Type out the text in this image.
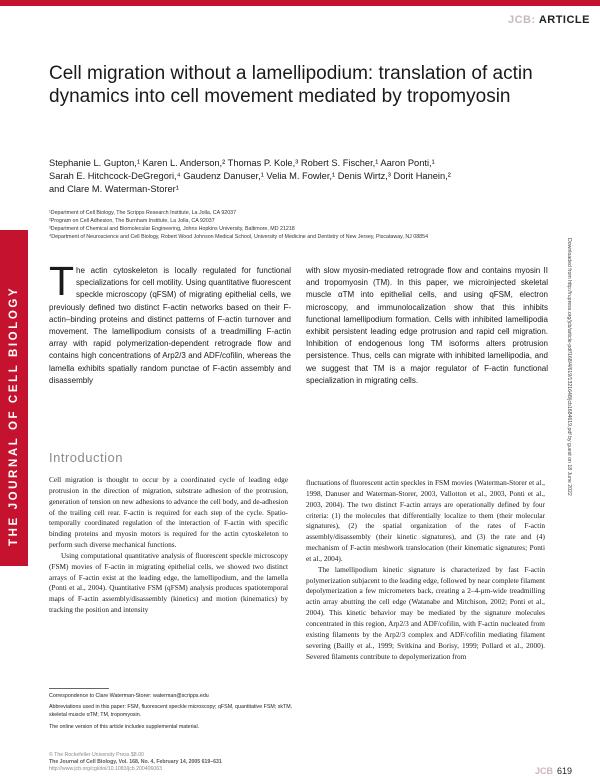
JCB: ARTICLE
THE JOURNAL OF CELL BIOLOGY	Downloaded from http://rupress.org/jcb/article-pdf/168/4/619/1321648/jcb1684619.pdf by guest on 18 June 2022
Cell migration without a lamellipodium: translation of actin dynamics into cell movement mediated by tropomyosin
Stephanie L. Gupton,¹ Karen L. Anderson,² Thomas P. Kole,³ Robert S. Fischer,¹ Aaron Ponti,¹
Sarah E. Hitchcock-DeGregori,⁴ Gaudenz Danuser,¹ Velia M. Fowler,¹ Denis Wirtz,³ Dorit Hanein,²
and Clare M. Waterman-Storer¹
¹Department of Cell Biology, The Scripps Research Institute, La Jolla, CA 92037
²Program on Cell Adhesion, The Burnham Institute, La Jolla, CA 92037
³Department of Chemical and Biomolecular Engineering, Johns Hopkins University, Baltimore, MD 21218
⁴Department of Neuroscience and Cell Biology, Robert Wood Johnson Medical School, University of Medicine and Dentistry of New Jersey, Piscataway, NJ 08854
The actin cytoskeleton is locally regulated for functional specializations for cell motility. Using quantitative fluorescent speckle microscopy (qFSM) of migrating epithelial cells, we previously defined two distinct F-actin networks based on their F-actin–binding proteins and distinct patterns of F-actin turnover and movement. The lamellipodium consists of a treadmilling F-actin array with rapid polymerization-dependent retrograde flow and contains high concentrations of Arp2/3 and ADF/cofilin, whereas the lamella exhibits spatially random punctae of F-actin assembly and disassembly
with slow myosin-mediated retrograde flow and contains myosin II and tropomyosin (TM). In this paper, we microinjected skeletal muscle αTM into epithelial cells, and using qFSM, electron microscopy, and immunolocalization show that this inhibits functional lamellipodium formation. Cells with inhibited lamellipodia exhibit persistent leading edge protrusion and rapid cell migration. Inhibition of endogenous long TM isoforms alters protrusion persistence. Thus, cells can migrate with inhibited lamellipodia, and we suggest that TM is a major regulator of F-actin functional specialization in migrating cells.
Introduction

Cell migration is thought to occur by a coordinated cycle of leading edge protrusion in the direction of migration, substrate adhesion of the protrusion, generation of tension on new adhesions to advance the cell body, and de-adhesion of the trailing cell rear. F-actin is required for each step of the cycle. Spatio-temporally coordinated regulation of the interaction of F-actin with specific binding proteins and myosin motors is required for the actin cytoskeleton to perform such diverse mechanical functions.

Using computational quantitative analysis of fluorescent speckle microscopy (FSM) movies of F-actin in migrating epithelial cells, we showed two distinct arrays of F-actin exist at the leading edge, the lamellipodium, and the lamella (Ponti et al., 2004). Quantitative FSM (qFSM) analysis produces spatiotemporal maps of F-actin assembly/disassembly (kinetics) and motion (kinematics) by tracking the position and intensity

fluctuations of fluorescent actin speckles in FSM movies (Waterman-Storer et al., 1998, Danuser and Waterman-Storer, 2003, Vallotton et al., 2003, Ponti et al., 2003, 2004). The two distinct F-actin arrays are operationally defined by four criteria: (1) the molecules that differentially localize to them (their molecular signatures), (2) the spatial organization of the rates of F-actin assembly/disassembly (their kinetic signatures), and (3) the rate and (4) mechanism of F-actin meshwork translocation (their kinematic signatures; Ponti et al., 2004).

The lamellipodium kinetic signature is characterized by fast F-actin polymerization subjacent to the leading edge, followed by near complete filament depolymerization a few micrometers back, creating a 2–4-μm-wide treadmilling actin array abutting the cell edge (Watanabe and Mitchison, 2002; Ponti et al., 2004). This kinetic behavior may be mediated by the signature molecules concentrated in this region, Arp2/3 and ADF/cofilin, with F-actin nucleated from existing filaments by the Arp2/3 complex and ADF/cofilin mediating filament severing (Bailly et al., 1999; Svitkina and Borisy, 1999; Pollard et al., 2000). Severed filaments contribute to depolymerization from

Correspondence to Clare Waterman-Storer: waterman@scripps.edu

Abbreviations used in this paper: FSM, fluorescent speckle microscopy; qFSM, quantitative FSM; skTM, skeletal muscle αTM; TM, tropomyosin.

The online version of this article includes supplemental material.

© The Rockefeller University Press $8.00
The Journal of Cell Biology, Vol. 168, No. 4, February 14, 2005 619–631
http://www.jcb.org/cgi/doi/10.1083/jcb.200406063	JCB 619
